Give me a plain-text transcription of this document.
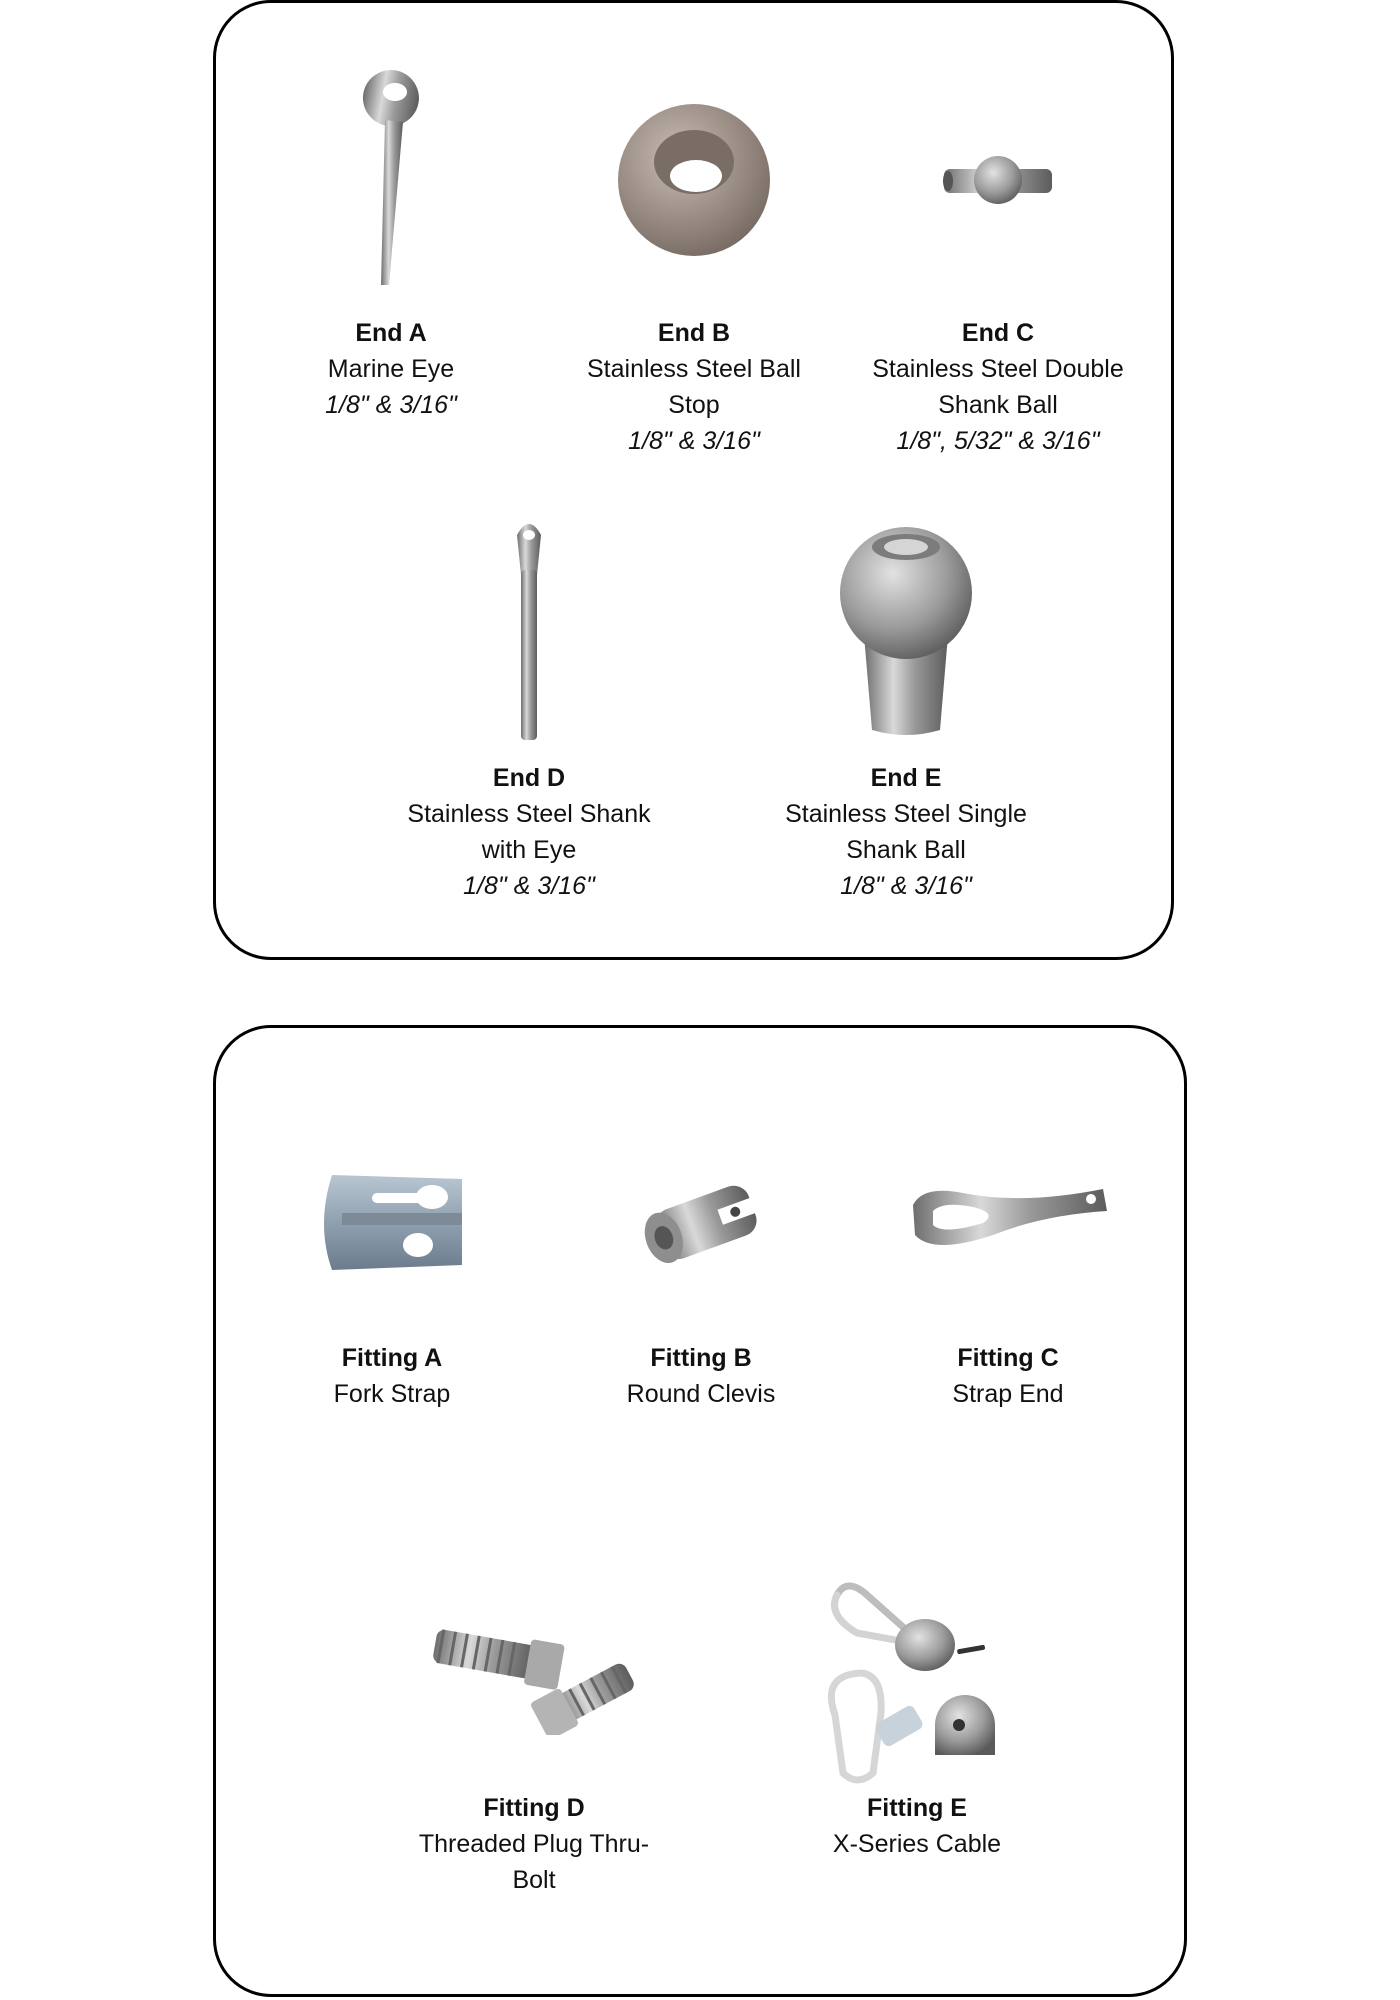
End A
Marine Eye
1/8" & 3/16"
End B
Stainless Steel Ball Stop
1/8" & 3/16"
End C
Stainless Steel Double Shank Ball
1/8", 5/32" & 3/16"
End D
Stainless Steel Shank with Eye
1/8" & 3/16"
End E
Stainless Steel Single Shank Ball
1/8" & 3/16"
Fitting A
Fork Strap
Fitting B
Round Clevis
Fitting C
Strap End
Fitting D
Threaded Plug Thru-Bolt
Fitting E
X-Series Cable
